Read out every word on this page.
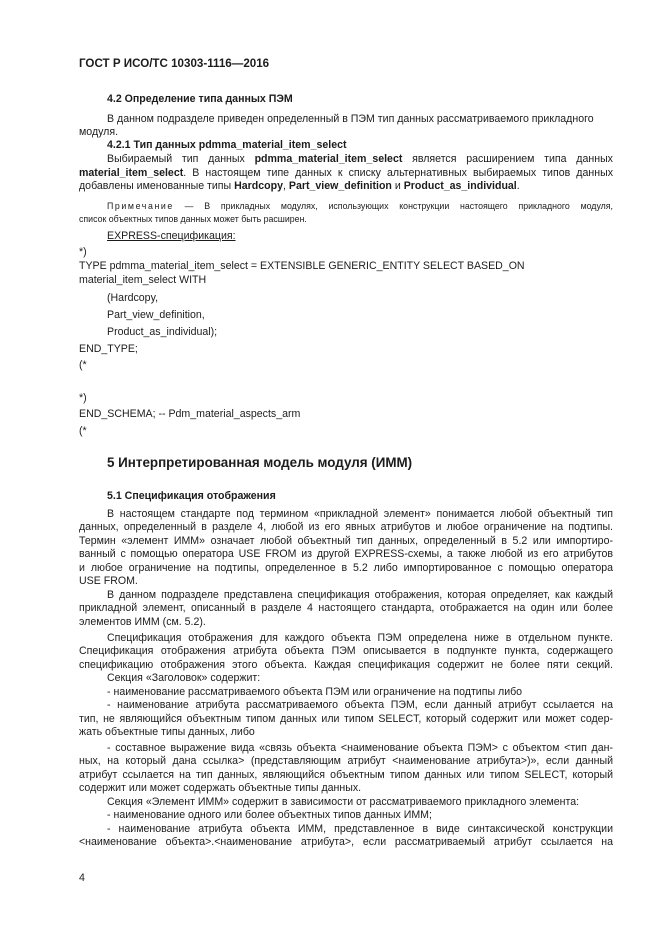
ГОСТ Р ИСО/ТС 10303-1116—2016
4.2 Определение типа данных ПЭМ
В данном подразделе приведен определенный в ПЭМ тип данных рассматриваемого прикладного
модуля.
4.2.1 Тип данных pdmma_material_item_select
Выбираемый тип данных pdmma_material_item_select является расширением типа данных
material_item_select. В настоящем типе данных к списку альтернативных выбираемых типов данных
добавлены именованные типы Hardcopy, Part_view_definition и Product_as_individual.
Примечание — В прикладных модулях, использующих конструкции настоящего прикладного модуля,
список объектных типов данных может быть расширен.
EXPRESS-спецификация:
*)
TYPE pdmma_material_item_select = EXTENSIBLE GENERIC_ENTITY SELECT BASED_ON
material_item_select WITH
(Hardcopy,
Part_view_definition,
Product_as_individual);
END_TYPE;
(*
*)
END_SCHEMA; -- Pdm_material_aspects_arm
(*
5 Интерпретированная модель модуля (ИММ)
5.1 Спецификация отображения
В настоящем стандарте под термином «прикладной элемент» понимается любой объектный тип
данных, определенный в разделе 4, любой из его явных атрибутов и любое ограничение на подтипы.
Термин «элемент ИММ» означает любой объектный тип данных, определенный в 5.2 или импортиро-
ванный с помощью оператора USE FROM из другой EXPRESS-схемы, а также любой из его атрибутов
и любое ограничение на подтипы, определенное в 5.2 либо импортированное с помощью оператора
USE FROM.
В данном подразделе представлена спецификация отображения, которая определяет, как каждый
прикладной элемент, описанный в разделе 4 настоящего стандарта, отображается на один или более
элементов ИММ (см. 5.2).
Спецификация отображения для каждого объекта ПЭМ определена ниже в отдельном пункте.
Спецификация отображения атрибута объекта ПЭМ описывается в подпункте пункта, содержащего
спецификацию отображения этого объекта. Каждая спецификация содержит не более пяти секций.
Секция «Заголовок» содержит:
- наименование рассматриваемого объекта ПЭМ или ограничение на подтипы либо
- наименование атрибута рассматриваемого объекта ПЭМ, если данный атрибут ссылается на
тип, не являющийся объектным типом данных или типом SELECT, который содержит или может содер-
жать объектные типы данных, либо
- составное выражение вида «связь объекта <наименование объекта ПЭМ> с объектом <тип дан-
ных, на который дана ссылка> (представляющим атрибут <наименование атрибута>)», если данный
атрибут ссылается на тип данных, являющийся объектным типом данных или типом SELECT, который
содержит или может содержать объектные типы данных.
Секция «Элемент ИММ» содержит в зависимости от рассматриваемого прикладного элемента:
- наименование одного или более объектных типов данных ИММ;
- наименование атрибута объекта ИММ, представленное в виде синтаксической конструкции
<наименование объекта>.<наименование атрибута>, если рассматриваемый атрибут ссылается на
4
